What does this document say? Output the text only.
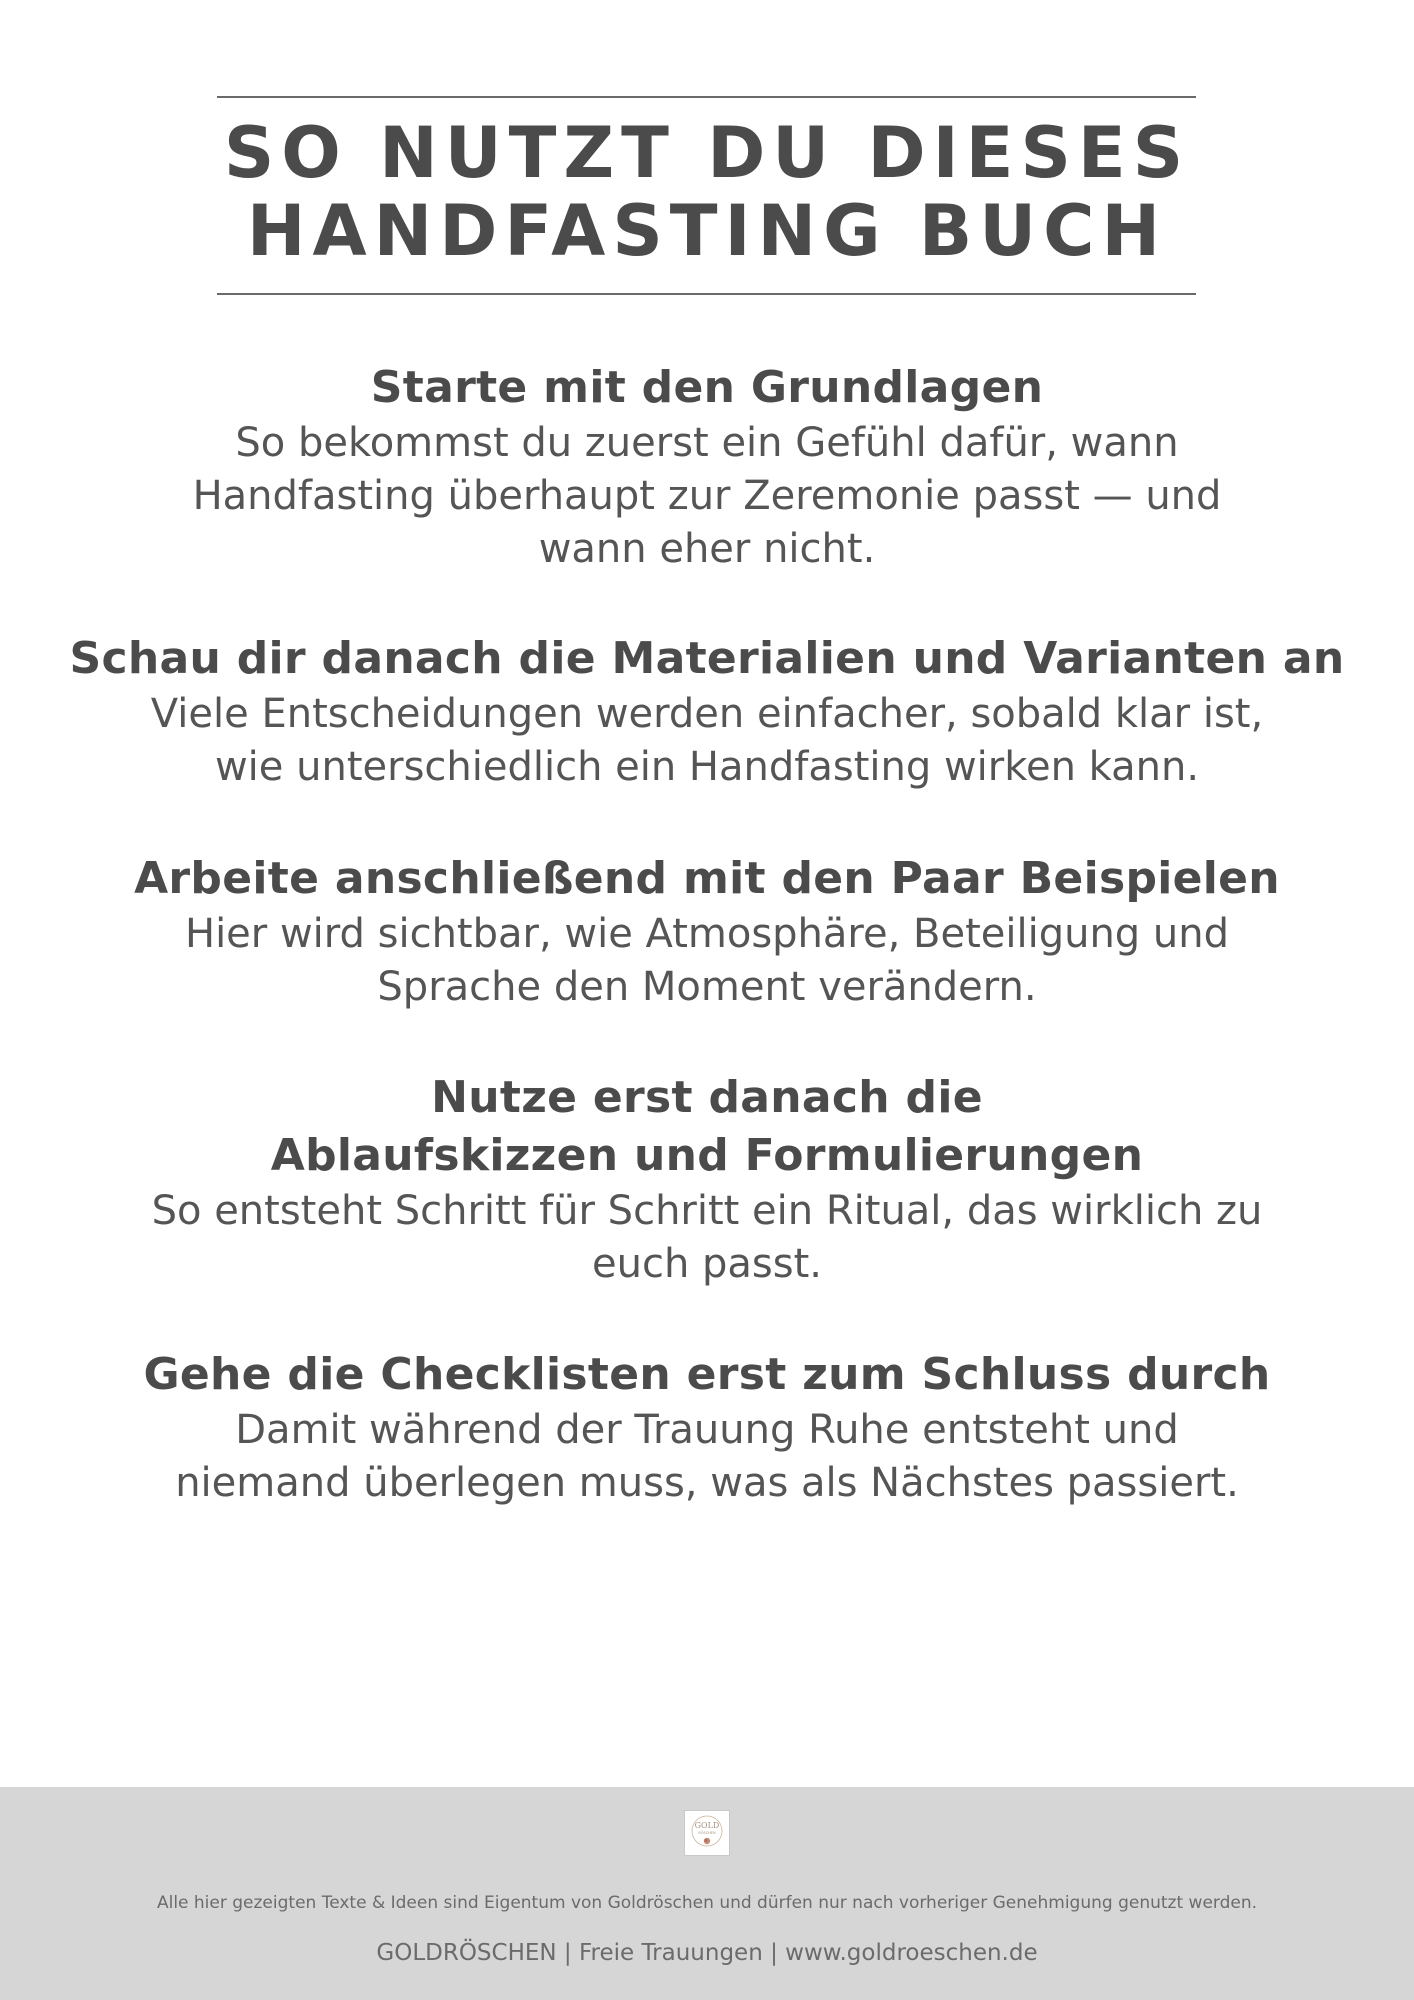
SO NUTZT DU DIESES
HANDFASTING BUCH
Starte mit den Grundlagen

So bekommst du zuerst ein Gefühl dafür, wann
Handfasting überhaupt zur Zeremonie passt — und
wann eher nicht.

Schau dir danach die Materialien und Varianten an

Viele Entscheidungen werden einfacher, sobald klar ist,
wie unterschiedlich ein Handfasting wirken kann.

Arbeite anschließend mit den Paar Beispielen

Hier wird sichtbar, wie Atmosphäre, Beteiligung und
Sprache den Moment verändern.

Nutze erst danach die
Ablaufskizzen und Formulierungen

So entsteht Schritt für Schritt ein Ritual, das wirklich zu
euch passt.

Gehe die Checklisten erst zum Schluss durch

Damit während der Trauung Ruhe entsteht und
niemand überlegen muss, was als Nächstes passiert.

GOLD
RÖSCHEN
Alle hier gezeigten Texte & Ideen sind Eigentum von Goldröschen und dürfen nur nach vorheriger Genehmigung genutzt werden.
GOLDRÖSCHEN | Freie Trauungen | www.goldroeschen.de
